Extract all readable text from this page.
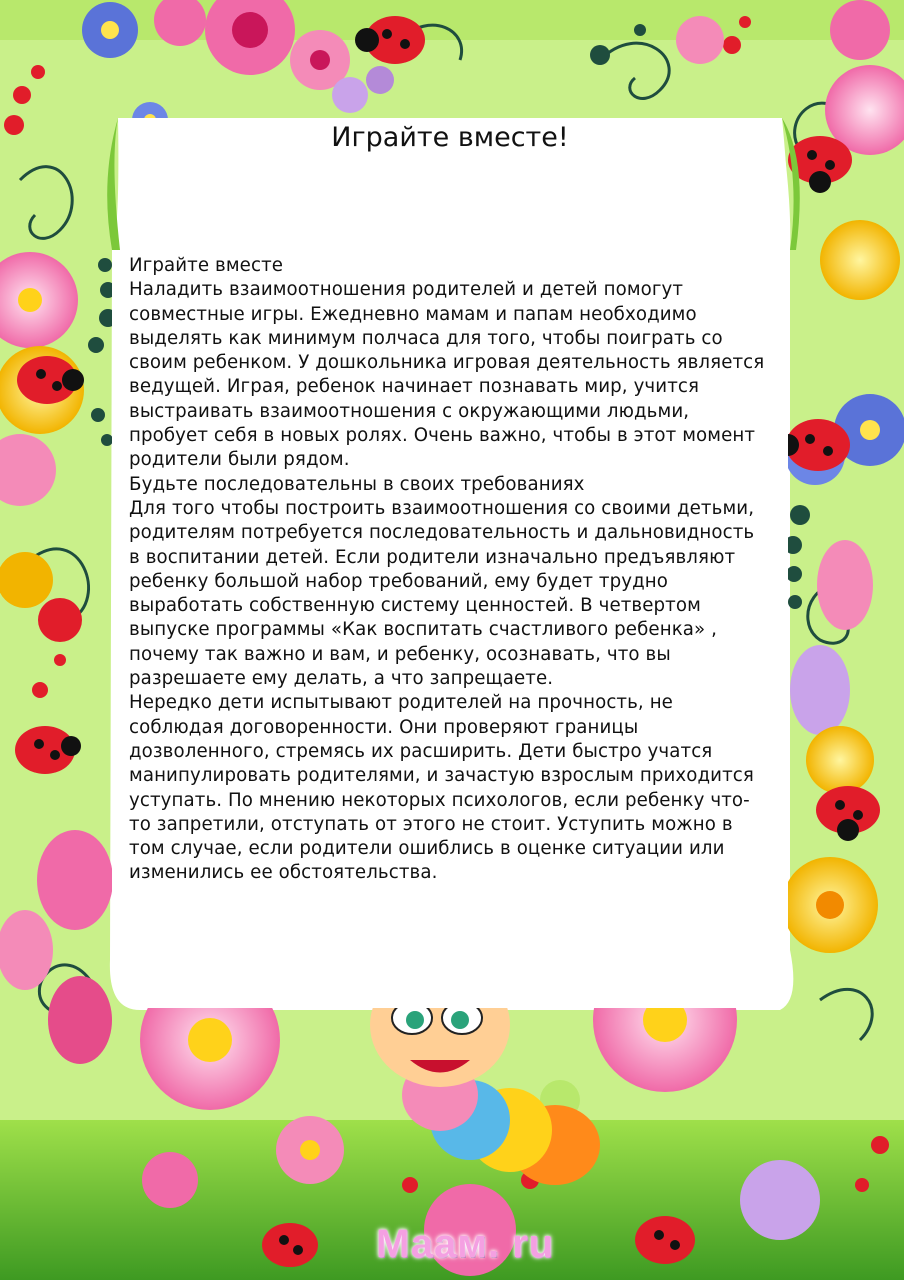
Играйте вместе!

Играйте вместе

Наладить взаимоотношения родителей и детей помогут совместные игры. Ежедневно мамам и папам необходимо выделять как минимум полчаса для того, чтобы поиграть со своим ребенком. У дошкольника игровая деятельность является ведущей. Играя, ребенок начинает познавать мир, учится выстраивать взаимоотношения с окружающими людьми, пробует себя в новых ролях. Очень важно, чтобы в этот момент родители были рядом.

Будьте последовательны в своих требованиях

Для того чтобы построить взаимоотношения со своими детьми, родителям потребуется последовательность и дальновидность в воспитании детей. Если родители изначально предъявляют ребенку большой набор требований, ему будет трудно выработать собственную систему ценностей. В четвертом выпуске программы «Как воспитать счастливого ребенка» , почему так важно и вам, и ребенку, осознавать, что вы разрешаете ему делать, а что запрещаете.

Нередко дети испытывают родителей на прочность, не соблюдая договоренности. Они проверяют границы дозволенного, стремясь их расширить. Дети быстро учатся манипулировать родителями, и зачастую взрослым приходится уступать. По мнению некоторых психологов, если ребенку что-то запретили, отступать от этого не стоит. Уступить можно в том случае, если родители ошиблись в оценке ситуации или изменились ее обстоятельства.

Маам. ru
